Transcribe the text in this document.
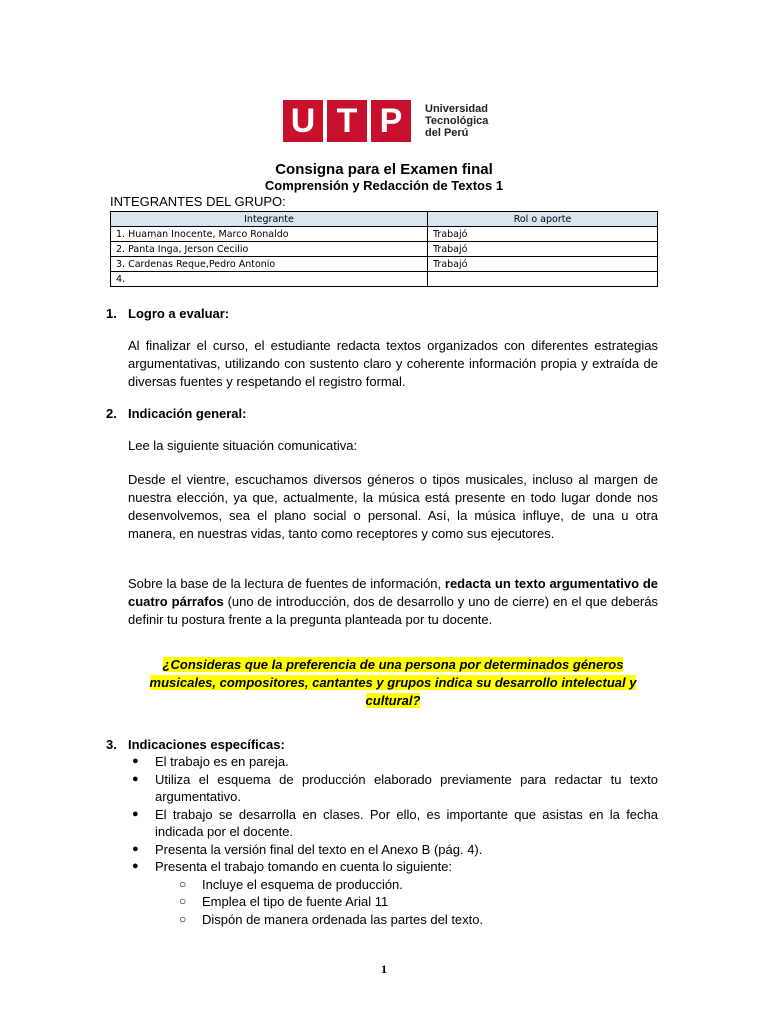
U T P	Universidad
Tecnológica
del Perú
Consigna para el Examen final
Comprensión y Redacción de Textos 1
INTEGRANTES DEL GRUPO:
Integrante	Rol o aporte
1. Huaman Inocente, Marco Ronaldo	Trabajó
2. Panta Inga, Jerson Cecilio	Trabajó
3. Cardenas Reque,Pedro Antonio	Trabajó
4.	
1. Logro a evaluar:
Al finalizar el curso, el estudiante redacta textos organizados con diferentes estrategias argumentativas, utilizando con sustento claro y coherente información propia y extraída de diversas fuentes y respetando el registro formal.
2. Indicación general:
Lee la siguiente situación comunicativa:
Desde el vientre, escuchamos diversos géneros o tipos musicales, incluso al margen de nuestra elección, ya que, actualmente, la música está presente en todo lugar donde nos desenvolvemos, sea el plano social o personal. Así, la música influye, de una u otra manera, en nuestras vidas, tanto como receptores y como sus ejecutores.
Sobre la base de la lectura de fuentes de información, redacta un texto argumentativo de cuatro párrafos (uno de introducción, dos de desarrollo y uno de cierre) en el que deberás definir tu postura frente a la pregunta planteada por tu docente.
¿Consideras que la preferencia de una persona por determinados géneros musicales, compositores, cantantes y grupos indica su desarrollo intelectual y cultural?
3. Indicaciones específicas:
● El trabajo es en pareja.
● Utiliza el esquema de producción elaborado previamente para redactar tu texto argumentativo.
● El trabajo se desarrolla en clases. Por ello, es importante que asistas en la fecha indicada por el docente.
● Presenta la versión final del texto en el Anexo B (pág. 4).
● Presenta el trabajo tomando en cuenta lo siguiente:
○ Incluye el esquema de producción.
○ Emplea el tipo de fuente Arial 11
○ Dispón de manera ordenada las partes del texto.
1
